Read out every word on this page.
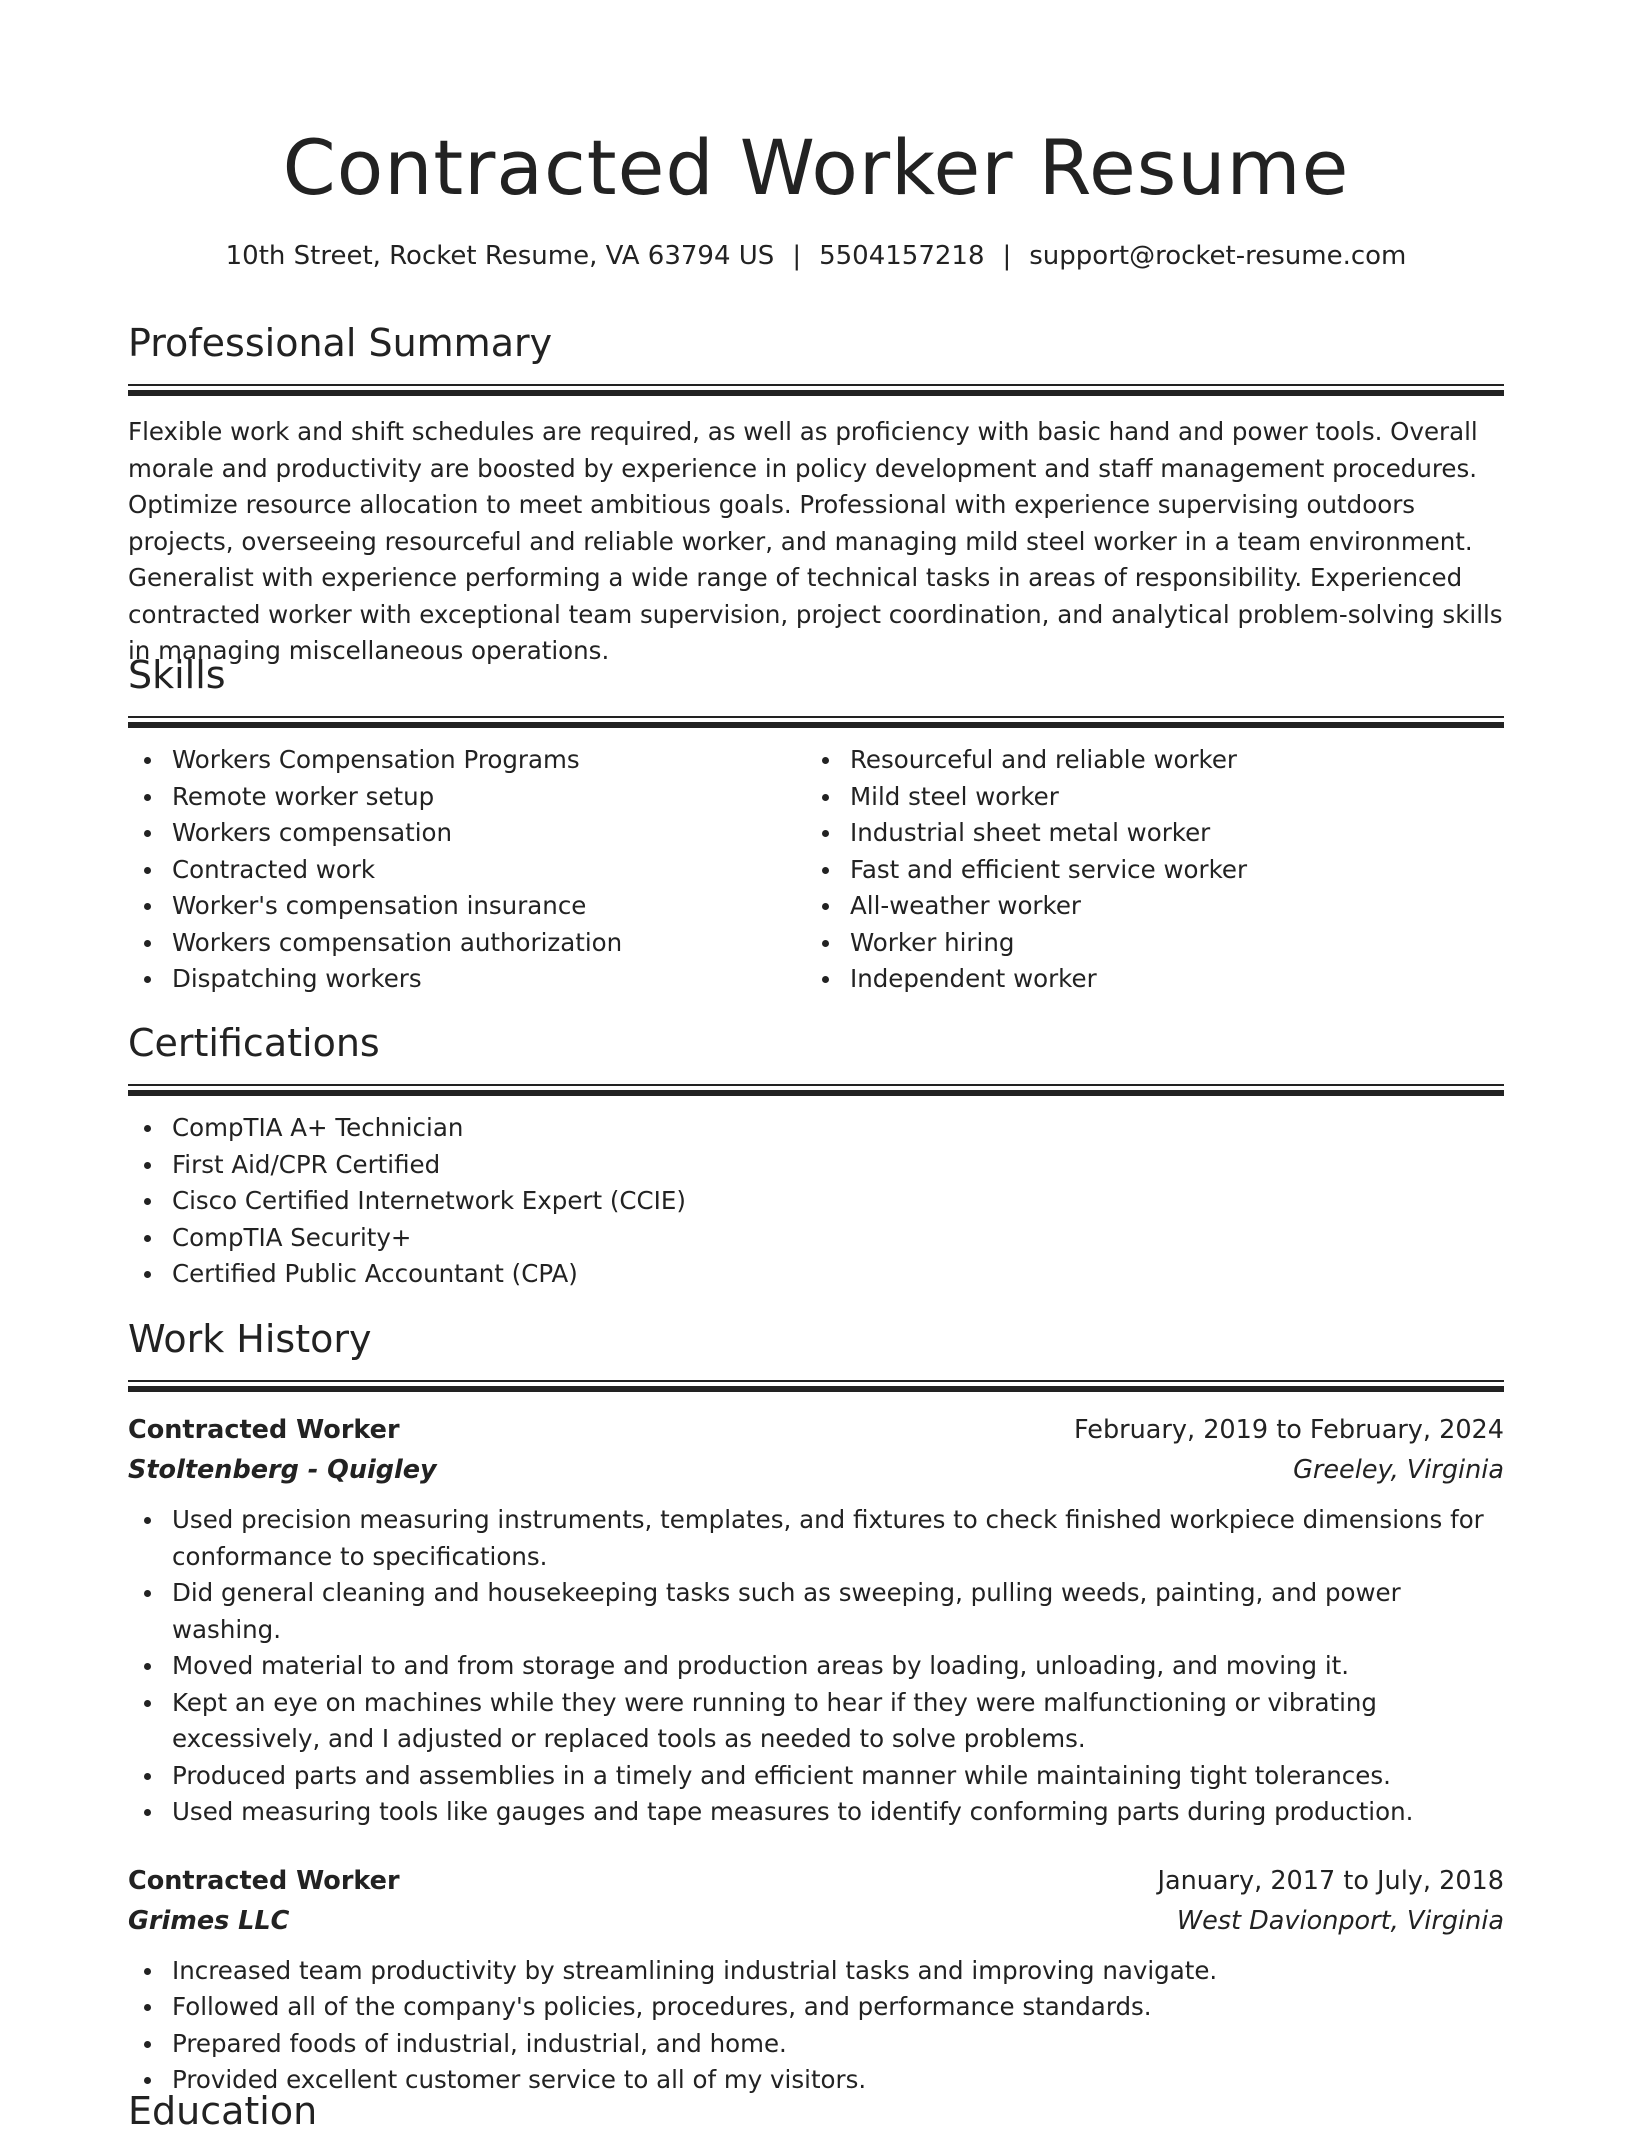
Contracted Worker Resume
10th Street, Rocket Resume, VA 63794 US | 5504157218 | support@rocket-resume.com
Professional Summary

Flexible work and shift schedules are required, as well as proficiency with basic hand and power tools. Overall morale and productivity are boosted by experience in policy development and staff management procedures. Optimize resource allocation to meet ambitious goals. Professional with experience supervising outdoors projects, overseeing resourceful and reliable worker, and managing mild steel worker in a team environment. Generalist with experience performing a wide range of technical tasks in areas of responsibility. Experienced contracted worker with exceptional team supervision, project coordination, and analytical problem-solving skills in managing miscellaneous operations.

Skills
Workers Compensation Programs
Remote worker setup
Workers compensation
Contracted work
Worker's compensation insurance
Workers compensation authorization
Dispatching workers
Resourceful and reliable worker
Mild steel worker
Industrial sheet metal worker
Fast and efficient service worker
All-weather worker
Worker hiring
Independent worker
Certifications
CompTIA A+ Technician
First Aid/CPR Certified
Cisco Certified Internetwork Expert (CCIE)
CompTIA Security+
Certified Public Accountant (CPA)
Work History
Contracted Worker	February, 2019 to February, 2024
Stoltenberg - Quigley	Greeley, Virginia
Used precision measuring instruments, templates, and fixtures to check finished workpiece dimensions for conformance to specifications.
Did general cleaning and housekeeping tasks such as sweeping, pulling weeds, painting, and power washing.
Moved material to and from storage and production areas by loading, unloading, and moving it.
Kept an eye on machines while they were running to hear if they were malfunctioning or vibrating excessively, and I adjusted or replaced tools as needed to solve problems.
Produced parts and assemblies in a timely and efficient manner while maintaining tight tolerances.
Used measuring tools like gauges and tape measures to identify conforming parts during production.
Contracted Worker	January, 2017 to July, 2018
Grimes LLC	West Davionport, Virginia
Increased team productivity by streamlining industrial tasks and improving navigate.
Followed all of the company's policies, procedures, and performance standards.
Prepared foods of industrial, industrial, and home.
Provided excellent customer service to all of my visitors.
Education
